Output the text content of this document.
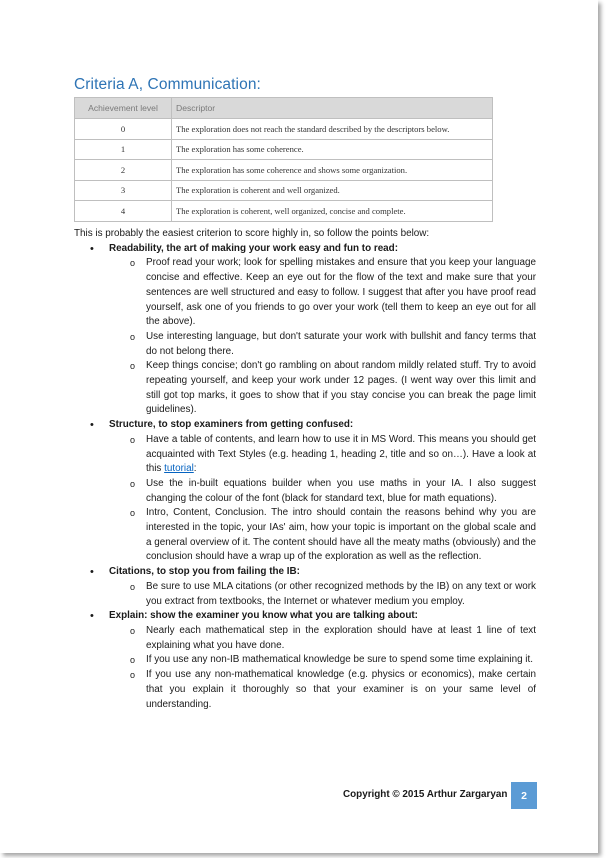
Criteria A, Communication:
Achievement level	Descriptor
0	The exploration does not reach the standard described by the descriptors below.
1	The exploration has some coherence.
2	The exploration has some coherence and shows some organization.
3	The exploration is coherent and well organized.
4	The exploration is coherent, well organized, concise and complete.

This is probably the easiest criterion to score highly in, so follow the points below:

• Readability, the art of making your work easy and fun to read:
o Proof read your work; look for spelling mistakes and ensure that you keep your language concise and effective. Keep an eye out for the flow of the text and make sure that your sentences are well structured and easy to follow. I suggest that after you have proof read yourself, ask one of you friends to go over your work (tell them to keep an eye out for all the above).
o Use interesting language, but don't saturate your work with bullshit and fancy terms that do not belong there.
o Keep things concise; don't go rambling on about random mildly related stuff. Try to avoid repeating yourself, and keep your work under 12 pages. (I went way over this limit and still got top marks, it goes to show that if you stay concise you can break the page limit guidelines).
• Structure, to stop examiners from getting confused:
o Have a table of contents, and learn how to use it in MS Word. This means you should get acquainted with Text Styles (e.g. heading 1, heading 2, title and so on…). Have a look at this tutorial:
o Use the in-built equations builder when you use maths in your IA. I also suggest changing the colour of the font (black for standard text, blue for math equations).
o Intro, Content, Conclusion. The intro should contain the reasons behind why you are interested in the topic, your IAs' aim, how your topic is important on the global scale and a general overview of it. The content should have all the meaty maths (obviously) and the conclusion should have a wrap up of the exploration as well as the reflection.
• Citations, to stop you from failing the IB:
o Be sure to use MLA citations (or other recognized methods by the IB) on any text or work you extract from textbooks, the Internet or whatever medium you employ.
• Explain: show the examiner you know what you are talking about:
o Nearly each mathematical step in the exploration should have at least 1 line of text explaining what you have done.
o If you use any non-IB mathematical knowledge be sure to spend some time explaining it.
o If you use any non-mathematical knowledge (e.g. physics or economics), make certain that you explain it thoroughly so that your examiner is on your same level of understanding.
Copyright © 2015 Arthur Zargaryan	2
